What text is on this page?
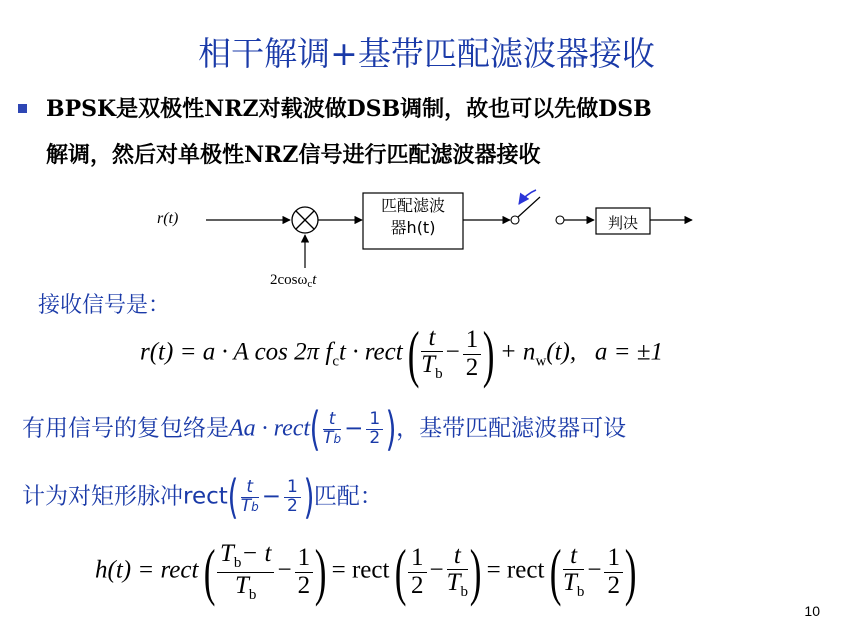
相干解调+基带匹配滤波器接收
BPSK是双极性NRZ对载波做DSB调制，故也可以先做DSB
解调，然后对单极性NRZ信号进行匹配滤波器接收
r(t)
匹配滤波
器h(t)	判决
2cosω$_c$t
接收信号是：
r(t) = a · A cos 2π $f_ct$ · rect ( $\frac{t}{T_b} - \frac{1}{2}$ ) + $n_w(t)$, a = ±1
有用信号的复包络是Aa · rect( $\frac{t}{Tb} - \frac{1}{2}$ )，基带匹配滤波器可设
计为对矩形脉冲rect( $\frac{t}{Tb} - \frac{1}{2}$ )匹配：
h(t) = rect ( $\frac{T_b- t}{T_b} - \frac{1}{2}$ ) = rect ( $\frac{1}{2} - \frac{t}{T_b}$ ) = rect ( $\frac{t}{T_b} - \frac{1}{2}$ )
10
